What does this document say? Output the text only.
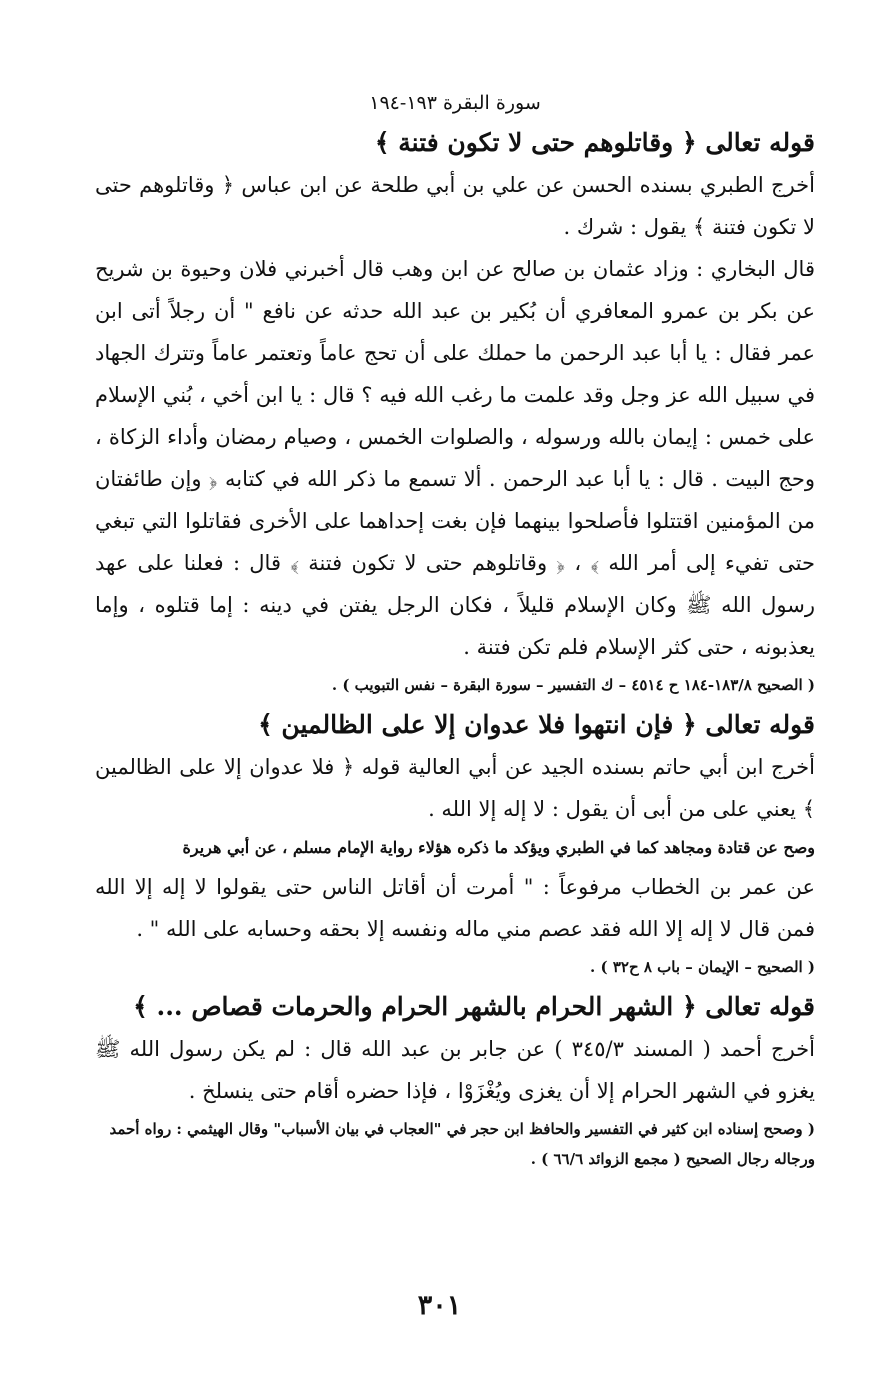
سورة البقرة ١٩٣-١٩٤
قوله تعالى ﴿ وقاتلوهم حتى لا تكون فتنة ﴾

أخرج الطبري بسنده الحسن عن علي بن أبي طلحة عن ابن عباس ﴿ وقاتلوهم حتى لا تكون فتنة ﴾ يقول : شرك .

قال البخاري : وزاد عثمان بن صالح عن ابن وهب قال أخبرني فلان وحيوة بن شريح عن بكر بن عمرو المعافري أن بُكير بن عبد الله حدثه عن نافع " أن رجلاً أتى ابن عمر فقال : يا أبا عبد الرحمن ما حملك على أن تحج عاماً وتعتمر عاماً وتترك الجهاد في سبيل الله عز وجل وقد علمت ما رغب الله فيه ؟ قال : يا ابن أخي ، بُني الإسلام على خمس : إيمان بالله ورسوله ، والصلوات الخمس ، وصيام رمضان وأداء الزكاة ، وحج البيت . قال : يا أبا عبد الرحمن . ألا تسمع ما ذكر الله في كتابه ﴿ وإن طائفتان من المؤمنين اقتتلوا فأصلحوا بينهما فإن بغت إحداهما على الأخرى فقاتلوا التي تبغي حتى تفيء إلى أمر الله ﴾ ، ﴿ وقاتلوهم حتى لا تكون فتنة ﴾ قال : فعلنا على عهد رسول الله ﷺ وكان الإسلام قليلاً ، فكان الرجل يفتن في دينه : إما قتلوه ، وإما يعذبونه ، حتى كثر الإسلام فلم تكن فتنة .

( الصحيح ١٨٣/٨-١٨٤ ح ٤٥١٤ – ك التفسير – سورة البقرة – نفس التبويب ) .
قوله تعالى ﴿ فإن انتهوا فلا عدوان إلا على الظالمين ﴾

أخرج ابن أبي حاتم بسنده الجيد عن أبي العالية قوله ﴿ فلا عدوان إلا على الظالمين ﴾ يعني على من أبى أن يقول : لا إله إلا الله .

وصح عن قتادة ومجاهد كما في الطبري ويؤكد ما ذكره هؤلاء رواية الإمام مسلم ، عن أبي هريرة

عن عمر بن الخطاب مرفوعاً : " أمرت أن أقاتل الناس حتى يقولوا لا إله إلا الله فمن قال لا إله إلا الله فقد عصم مني ماله ونفسه إلا بحقه وحسابه على الله " .

( الصحيح – الإيمان – باب ٨ ح٣٢ ) .
قوله تعالى ﴿ الشهر الحرام بالشهر الحرام والحرمات قصاص ... ﴾

أخرج أحمد ( المسند ٣٤٥/٣ ) عن جابر بن عبد الله قال : لم يكن رسول الله ﷺ يغزو في الشهر الحرام إلا أن يغزى ويُغْزَوْا ، فإذا حضره أقام حتى ينسلخ .

( وصحح إسناده ابن كثير في التفسير والحافظ ابن حجر في "العجاب في بيان الأسباب" وقال الهيثمي : رواه أحمد ورجاله رجال الصحيح ( مجمع الزوائد ٦٦/٦ ) .
٣٠١
